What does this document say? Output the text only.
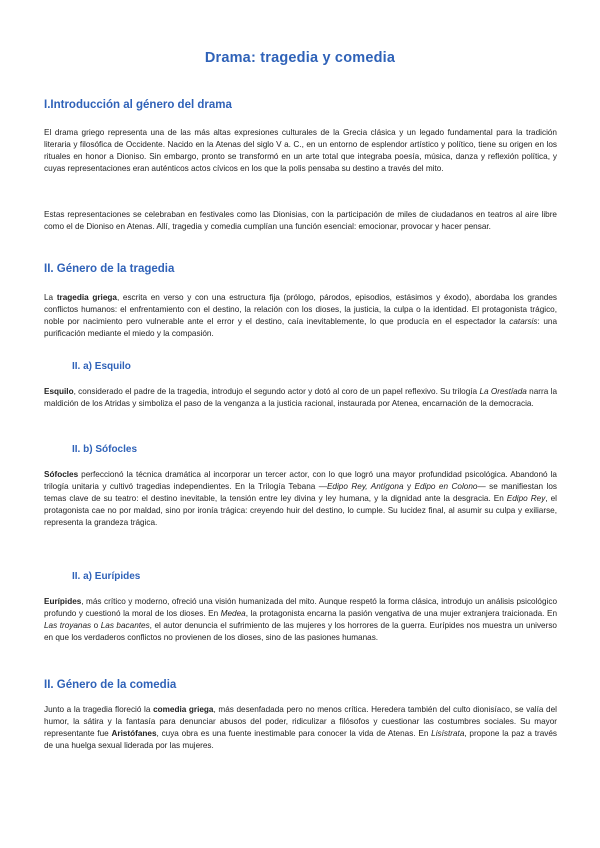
Drama: tragedia y comedia
I.Introducción al género del drama

El drama griego representa una de las más altas expresiones culturales de la Grecia clásica y un legado fundamental para la tradición literaria y filosófica de Occidente. Nacido en la Atenas del siglo V a. C., en un entorno de esplendor artístico y político, tiene su origen en los rituales en honor a Dioniso. Sin embargo, pronto se transformó en un arte total que integraba poesía, música, danza y reflexión política, y cuyas representaciones eran auténticos actos cívicos en los que la polis pensaba su destino a través del mito.

Estas representaciones se celebraban en festivales como las Dionisias, con la participación de miles de ciudadanos en teatros al aire libre como el de Dioniso en Atenas. Allí, tragedia y comedia cumplían una función esencial: emocionar, provocar y hacer pensar.

II. Género de la tragedia

La tragedia griega, escrita en verso y con una estructura fija (prólogo, párodos, episodios, estásimos y éxodo), abordaba los grandes conflictos humanos: el enfrentamiento con el destino, la relación con los dioses, la justicia, la culpa o la identidad. El protagonista trágico, noble por nacimiento pero vulnerable ante el error y el destino, caía inevitablemente, lo que producía en el espectador la catarsis: una purificación mediante el miedo y la compasión.

II. a) Esquilo

Esquilo, considerado el padre de la tragedia, introdujo el segundo actor y dotó al coro de un papel reflexivo. Su trilogía La Orestíada narra la maldición de los Atridas y simboliza el paso de la venganza a la justicia racional, instaurada por Atenea, encarnación de la democracia.

II. b) Sófocles

Sófocles perfeccionó la técnica dramática al incorporar un tercer actor, con lo que logró una mayor profundidad psicológica. Abandonó la trilogía unitaria y cultivó tragedias independientes. En la Trilogía Tebana —Edipo Rey, Antígona y Edipo en Colono— se manifiestan los temas clave de su teatro: el destino inevitable, la tensión entre ley divina y ley humana, y la dignidad ante la desgracia. En Edipo Rey, el protagonista cae no por maldad, sino por ironía trágica: creyendo huir del destino, lo cumple. Su lucidez final, al asumir su culpa y exiliarse, representa la grandeza trágica.

II. a) Eurípides

Eurípides, más crítico y moderno, ofreció una visión humanizada del mito. Aunque respetó la forma clásica, introdujo un análisis psicológico profundo y cuestionó la moral de los dioses. En Medea, la protagonista encarna la pasión vengativa de una mujer extranjera traicionada. En Las troyanas o Las bacantes, el autor denuncia el sufrimiento de las mujeres y los horrores de la guerra. Eurípides nos muestra un universo en que los verdaderos conflictos no provienen de los dioses, sino de las pasiones humanas.

II. Género de la comedia

Junto a la tragedia floreció la comedia griega, más desenfadada pero no menos crítica. Heredera también del culto dionisíaco, se valía del humor, la sátira y la fantasía para denunciar abusos del poder, ridiculizar a filósofos y cuestionar las costumbres sociales. Su mayor representante fue Aristófanes, cuya obra es una fuente inestimable para conocer la vida de Atenas. En Lisístrata, propone la paz a través de una huelga sexual liderada por las mujeres.
